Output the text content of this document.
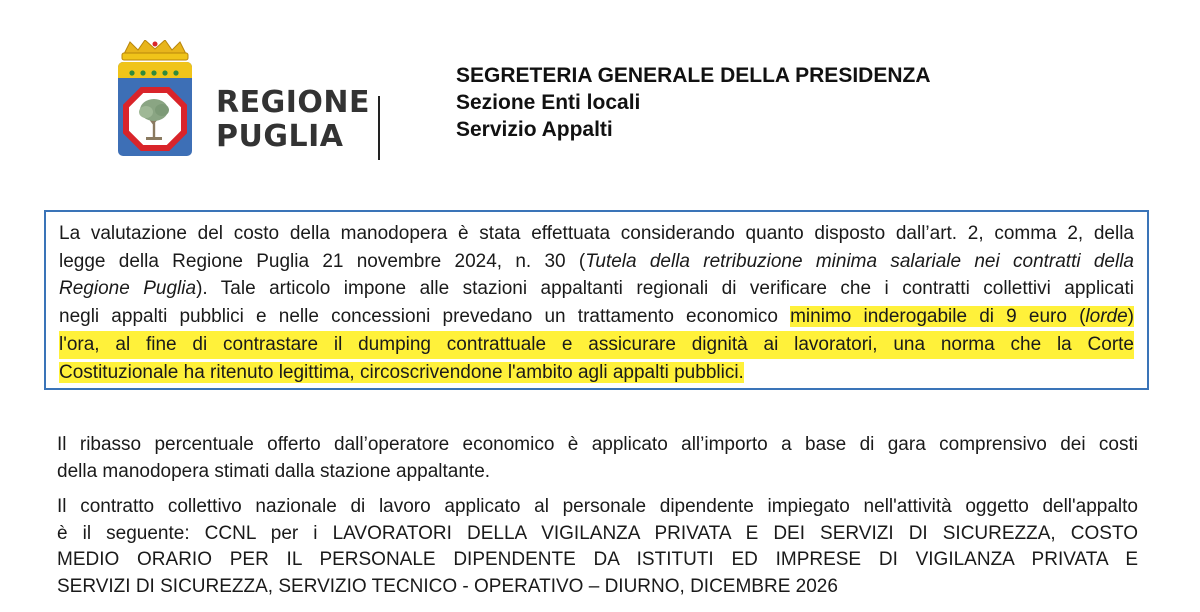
REGIONE
PUGLIA
SEGRETERIA GENERALE DELLA PRESIDENZA
Sezione Enti locali
Servizio Appalti
La valutazione del costo della manodopera è stata effettuata considerando quanto disposto dall’art. 2, comma 2, della
legge della Regione Puglia 21 novembre 2024, n. 30 (Tutela della retribuzione minima salariale nei contratti della
Regione Puglia). Tale articolo impone alle stazioni appaltanti regionali di verificare che i contratti collettivi applicati
negli appalti pubblici e nelle concessioni prevedano un trattamento economico minimo inderogabile di 9 euro (lorde)
l'ora, al fine di contrastare il dumping contrattuale e assicurare dignità ai lavoratori, una norma che la Corte
Costituzionale ha ritenuto legittima, circoscrivendone l'ambito agli appalti pubblici.
Il ribasso percentuale offerto dall’operatore economico è applicato all’importo a base di gara comprensivo dei costi
della manodopera stimati dalla stazione appaltante.
Il contratto collettivo nazionale di lavoro applicato al personale dipendente impiegato nell'attività oggetto dell'appalto
è il seguente: CCNL per i LAVORATORI DELLA VIGILANZA PRIVATA E DEI SERVIZI DI SICUREZZA, COSTO
MEDIO ORARIO PER IL PERSONALE DIPENDENTE DA ISTITUTI ED IMPRESE DI VIGILANZA PRIVATA E
SERVIZI DI SICUREZZA, SERVIZIO TECNICO - OPERATIVO – DIURNO, DICEMBRE 2026
